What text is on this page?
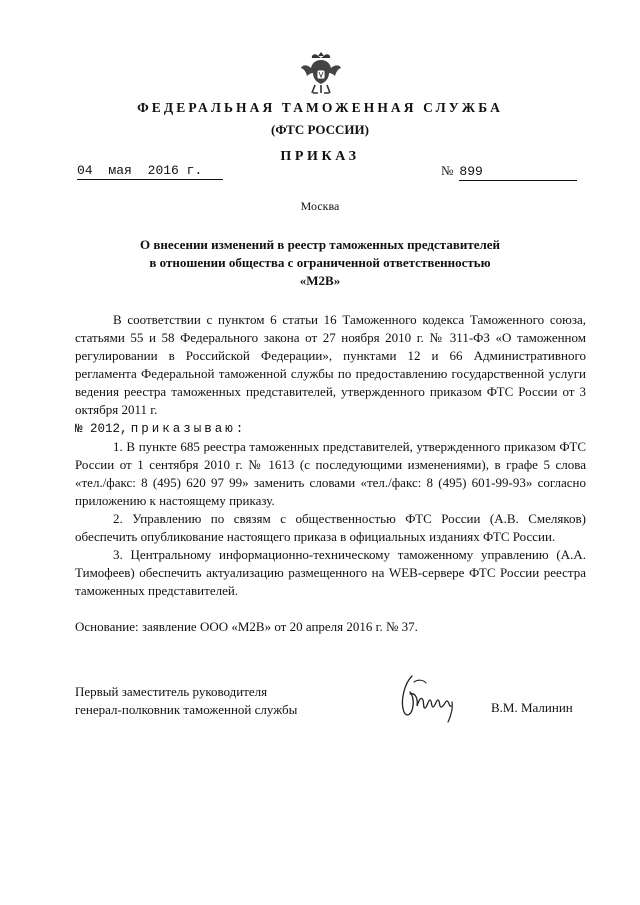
ФЕДЕРАЛЬНАЯ ТАМОЖЕННАЯ СЛУЖБА
(ФТС РОССИИ)
ПРИКАЗ
04 мая 2016 г.	№ 899
Москва
О внесении изменений в реестр таможенных представителей
в отношении общества с ограниченной ответственностью
«М2В»

В соответствии с пунктом 6 статьи 16 Таможенного кодекса Таможенного союза, статьями 55 и 58 Федерального закона от 27 ноября 2010 г. № 311-ФЗ «О таможенном регулировании в Российской Федерации», пунктами 12 и 66 Административного регламента Федеральной таможенной службы по предоставлению государственной услуги ведения реестра таможенных представителей, утвержденного приказом ФТС России от 3 октября 2011 г.

№ 2012, приказываю:

1. В пункте 685 реестра таможенных представителей, утвержденного приказом ФТС России от 1 сентября 2010 г. № 1613 (с последующими изменениями), в графе 5 слова «тел./факс: 8 (495) 620 97 99» заменить словами «тел./факс: 8 (495) 601-99-93» согласно приложению к настоящему приказу.

2. Управлению по связям с общественностью ФТС России (А.В. Смеляков) обеспечить опубликование настоящего приказа в официальных изданиях ФТС России.

3. Центральному информационно-техническому таможенному управлению (А.А. Тимофеев) обеспечить актуализацию размещенного на WEB-сервере ФТС России реестра таможенных представителей.

Основание: заявление ООО «М2В» от 20 апреля 2016 г. № 37.

Первый заместитель руководителя
генерал-полковник таможенной службы	В.М. Малинин
